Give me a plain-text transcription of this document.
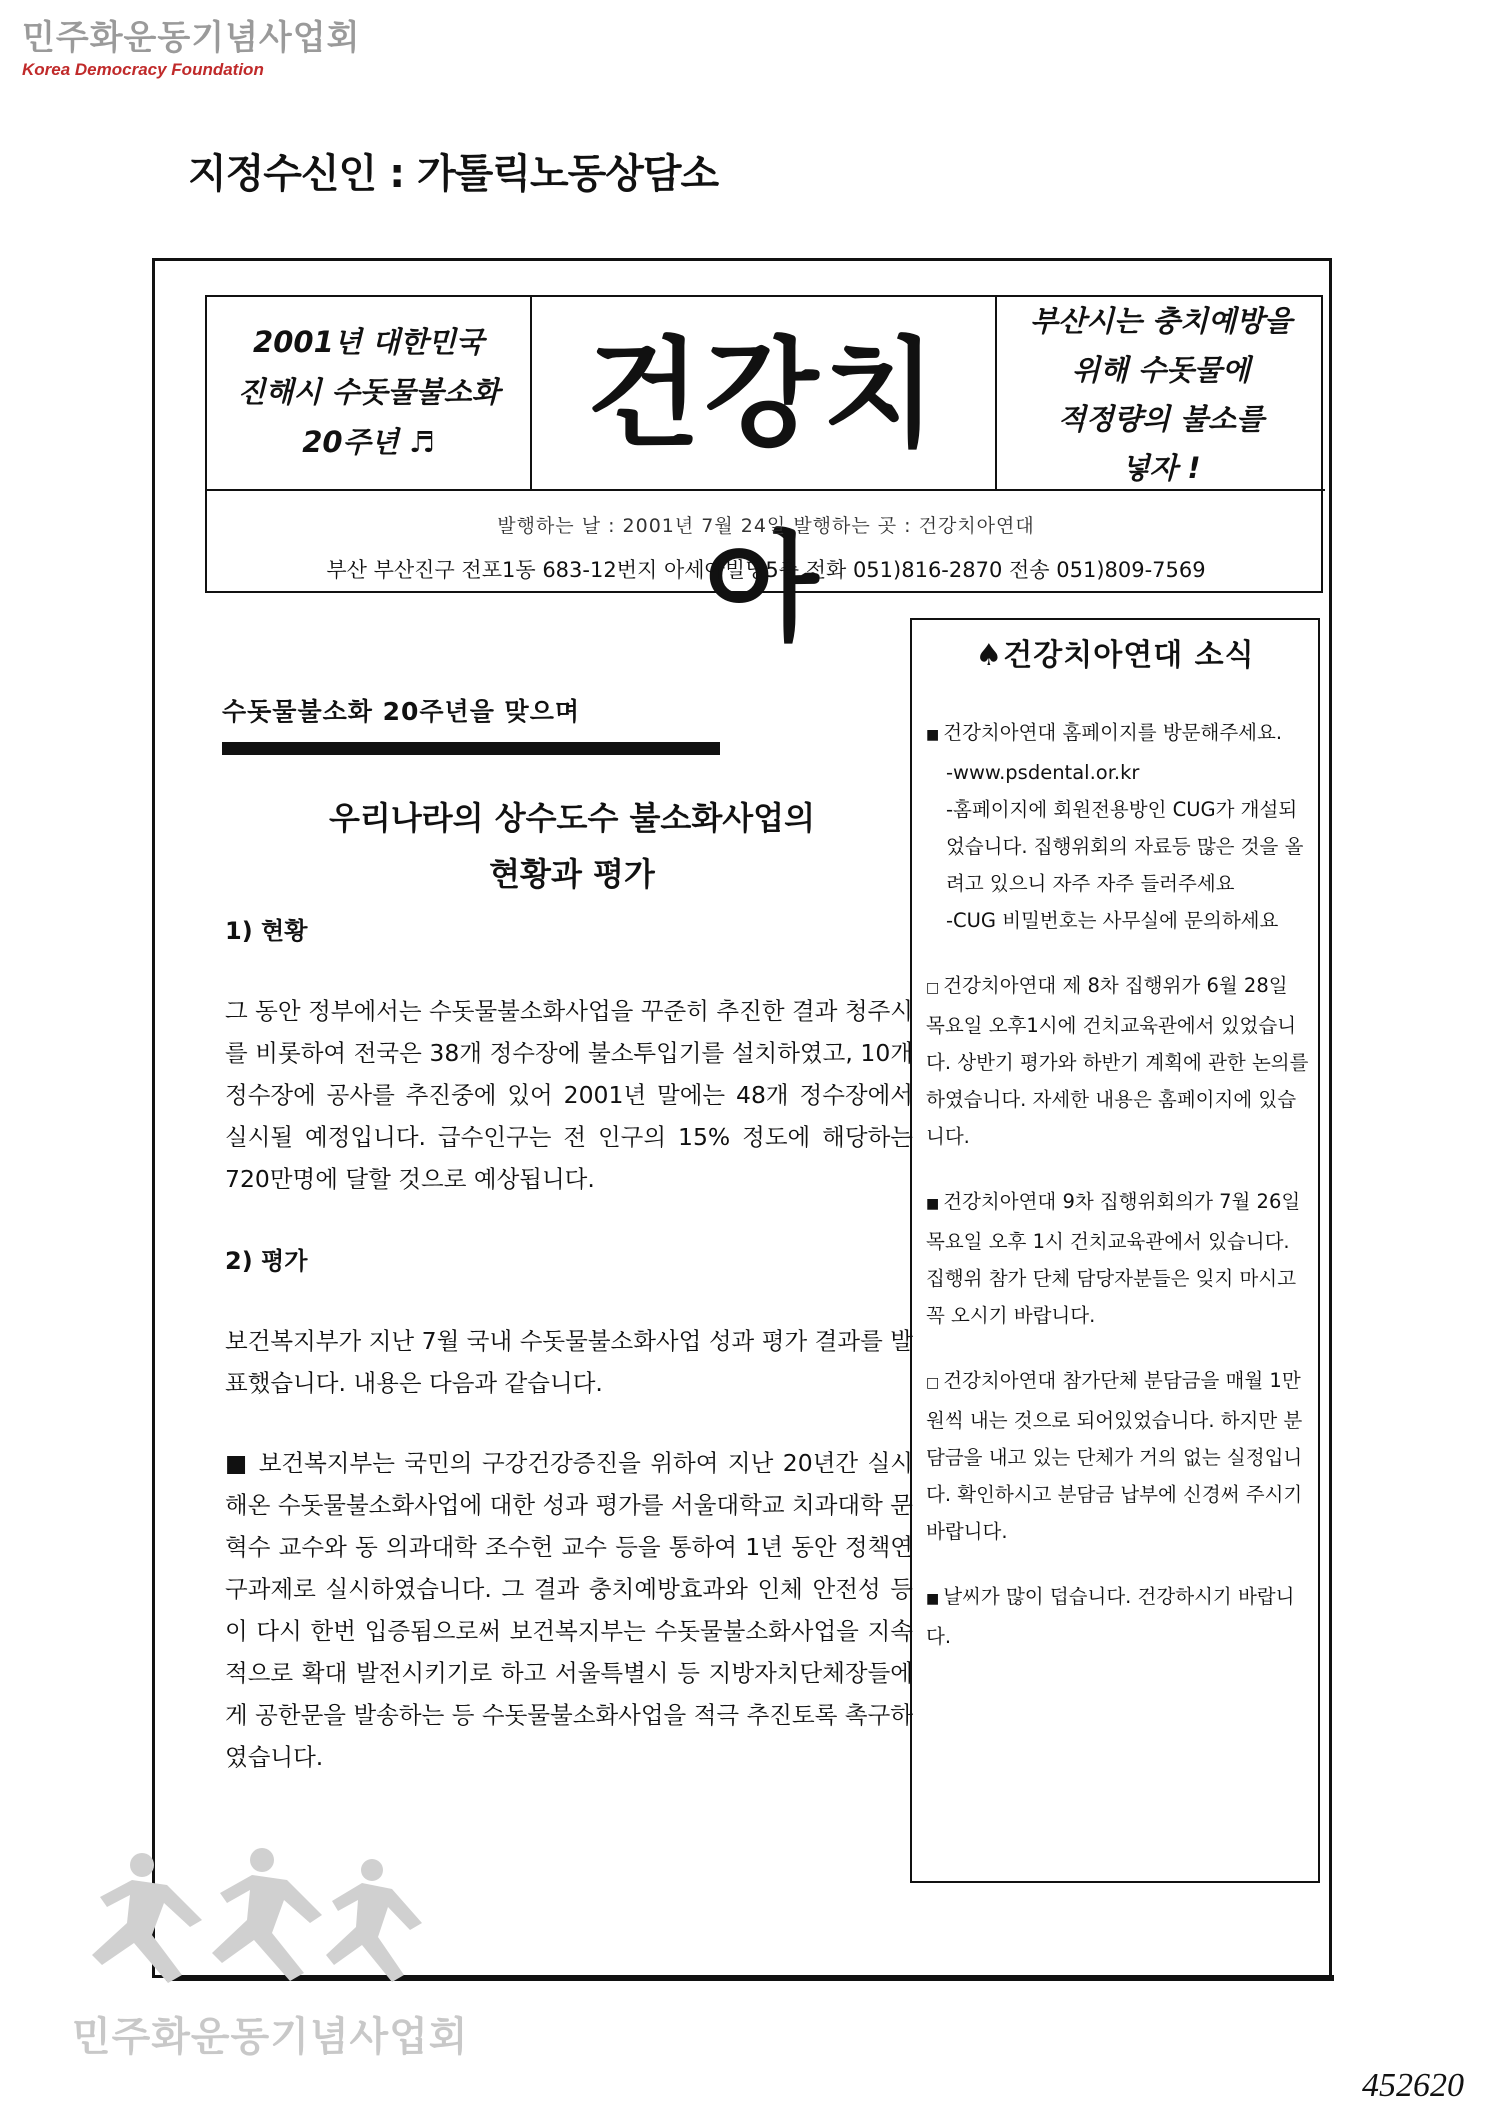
민주화운동기념사업회
Korea Democracy Foundation
지정수신인 : 가톨릭노동상담소
2001년 대한민국
진해시 수돗물불소화
20주년 ♬	건강치아
부산시는 충치예방을
위해 수돗물에
적정량의 불소를
넣자 !
발행하는 날 : 2001년 7월 24일 발행하는 곳 : 건강치아연대
부산 부산진구 전포1동 683-12번지 아세아빌딩5층 전화 051)816-2870 전송 051)809-7569
수돗물불소화 20주년을 맞으며
우리나라의 상수도수 불소화사업의
현황과 평가
1) 현황

그 동안 정부에서는 수돗물불소화사업을 꾸준히 추진한 결과 청주시를 비롯하여 전국은 38개 정수장에 불소투입기를 설치하였고, 10개 정수장에 공사를 추진중에 있어 2001년 말에는 48개 정수장에서 실시될 예정입니다. 급수인구는 전 인구의 15% 정도에 해당하는 720만명에 달할 것으로 예상됩니다.

2) 평가

보건복지부가 지난 7월 국내 수돗물불소화사업 성과 평가 결과를 발표했습니다. 내용은 다음과 같습니다.

■ 보건복지부는 국민의 구강건강증진을 위하여 지난 20년간 실시해온 수돗물불소화사업에 대한 성과 평가를 서울대학교 치과대학 문혁수 교수와 동 의과대학 조수헌 교수 등을 통하여 1년 동안 정책연구과제로 실시하였습니다. 그 결과 충치예방효과와 인체 안전성 등이 다시 한번 입증됨으로써 보건복지부는 수돗물불소화사업을 지속적으로 확대 발전시키기로 하고 서울특별시 등 지방자치단체장들에게 공한문을 발송하는 등 수돗물불소화사업을 적극 추진토록 촉구하였습니다.

♠건강치아연대 소식
■ 건강치아연대 홈페이지를 방문해주세요.
-www.psdental.or.kr
-홈페이지에 회원전용방인 CUG가 개설되었습니다. 집행위회의 자료등 많은 것을 올려고 있으니 자주 자주 들러주세요
-CUG 비밀번호는 사무실에 문의하세요
□ 건강치아연대 제 8차 집행위가 6월 28일 목요일 오후1시에 건치교육관에서 있었습니다. 상반기 평가와 하반기 계획에 관한 논의를 하였습니다. 자세한 내용은 홈페이지에 있습니다.
■ 건강치아연대 9차 집행위회의가 7월 26일 목요일 오후 1시 건치교육관에서 있습니다. 집행위 참가 단체 담당자분들은 잊지 마시고 꼭 오시기 바랍니다.
□ 건강치아연대 참가단체 분담금을 매월 1만원씩 내는 것으로 되어있었습니다. 하지만 분담금을 내고 있는 단체가 거의 없는 실정입니다. 확인하시고 분담금 납부에 신경써 주시기 바랍니다.
■ 날씨가 많이 덥습니다. 건강하시기 바랍니다.
민주화운동기념사업회
452620
